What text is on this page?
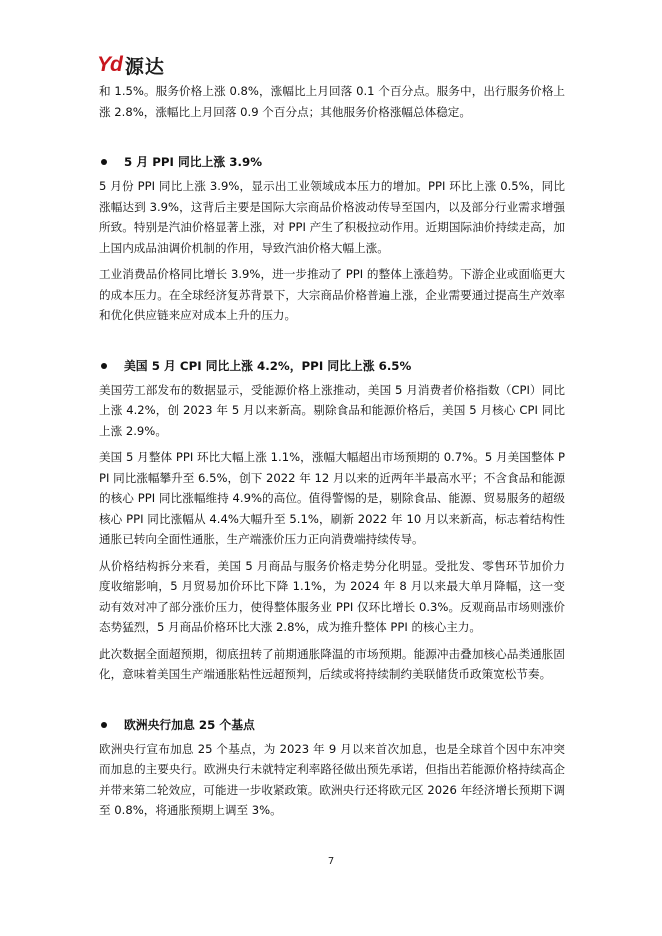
Yd 源达

和 1.5%。服务价格上涨 0.8%，涨幅比上月回落 0.1 个百分点。服务中，出行服务价格上涨 2.8%，涨幅比上月回落 0.9 个百分点；其他服务价格涨幅总体稳定。

5 月 PPI 同比上涨 3.9%

5 月份 PPI 同比上涨 3.9%，显示出工业领域成本压力的增加。PPI 环比上涨 0.5%，同比涨幅达到 3.9%，这背后主要是国际大宗商品价格波动传导至国内，以及部分行业需求增强所致。特别是汽油价格显著上涨，对 PPI 产生了积极拉动作用。近期国际油价持续走高，加上国内成品油调价机制的作用，导致汽油价格大幅上涨。

工业消费品价格同比增长 3.9%，进一步推动了 PPI 的整体上涨趋势。下游企业或面临更大的成本压力。在全球经济复苏背景下，大宗商品价格普遍上涨，企业需要通过提高生产效率和优化供应链来应对成本上升的压力。

美国 5 月 CPI 同比上涨 4.2%，PPI 同比上涨 6.5%

美国劳工部发布的数据显示，受能源价格上涨推动，美国 5 月消费者价格指数（CPI）同比上涨 4.2%，创 2023 年 5 月以来新高。剔除食品和能源价格后，美国 5 月核心 CPI 同比上涨 2.9%。

美国 5 月整体 PPI 环比大幅上涨 1.1%，涨幅大幅超出市场预期的 0.7%。5 月美国整体 PPI 同比涨幅攀升至 6.5%，创下 2022 年 12 月以来的近两年半最高水平；不含食品和能源的核心 PPI 同比涨幅维持 4.9%的高位。值得警惕的是，剔除食品、能源、贸易服务的超级核心 PPI 同比涨幅从 4.4%大幅升至 5.1%，刷新 2022 年 10 月以来新高，标志着结构性通胀已转向全面性通胀，生产端涨价压力正向消费端持续传导。

从价格结构拆分来看，美国 5 月商品与服务价格走势分化明显。受批发、零售环节加价力度收缩影响，5 月贸易加价环比下降 1.1%，为 2024 年 8 月以来最大单月降幅，这一变动有效对冲了部分涨价压力，使得整体服务业 PPI 仅环比增长 0.3%。反观商品市场则涨价态势猛烈，5 月商品价格环比大涨 2.8%，成为推升整体 PPI 的核心主力。

此次数据全面超预期，彻底扭转了前期通胀降温的市场预期。能源冲击叠加核心品类通胀固化，意味着美国生产端通胀粘性远超预判，后续或将持续制约美联储货币政策宽松节奏。

欧洲央行加息 25 个基点

欧洲央行宣布加息 25 个基点，为 2023 年 9 月以来首次加息，也是全球首个因中东冲突而加息的主要央行。欧洲央行未就特定利率路径做出预先承诺，但指出若能源价格持续高企并带来第二轮效应，可能进一步收紧政策。欧洲央行还将欧元区 2026 年经济增长预期下调至 0.8%，将通胀预期上调至 3%。

7
